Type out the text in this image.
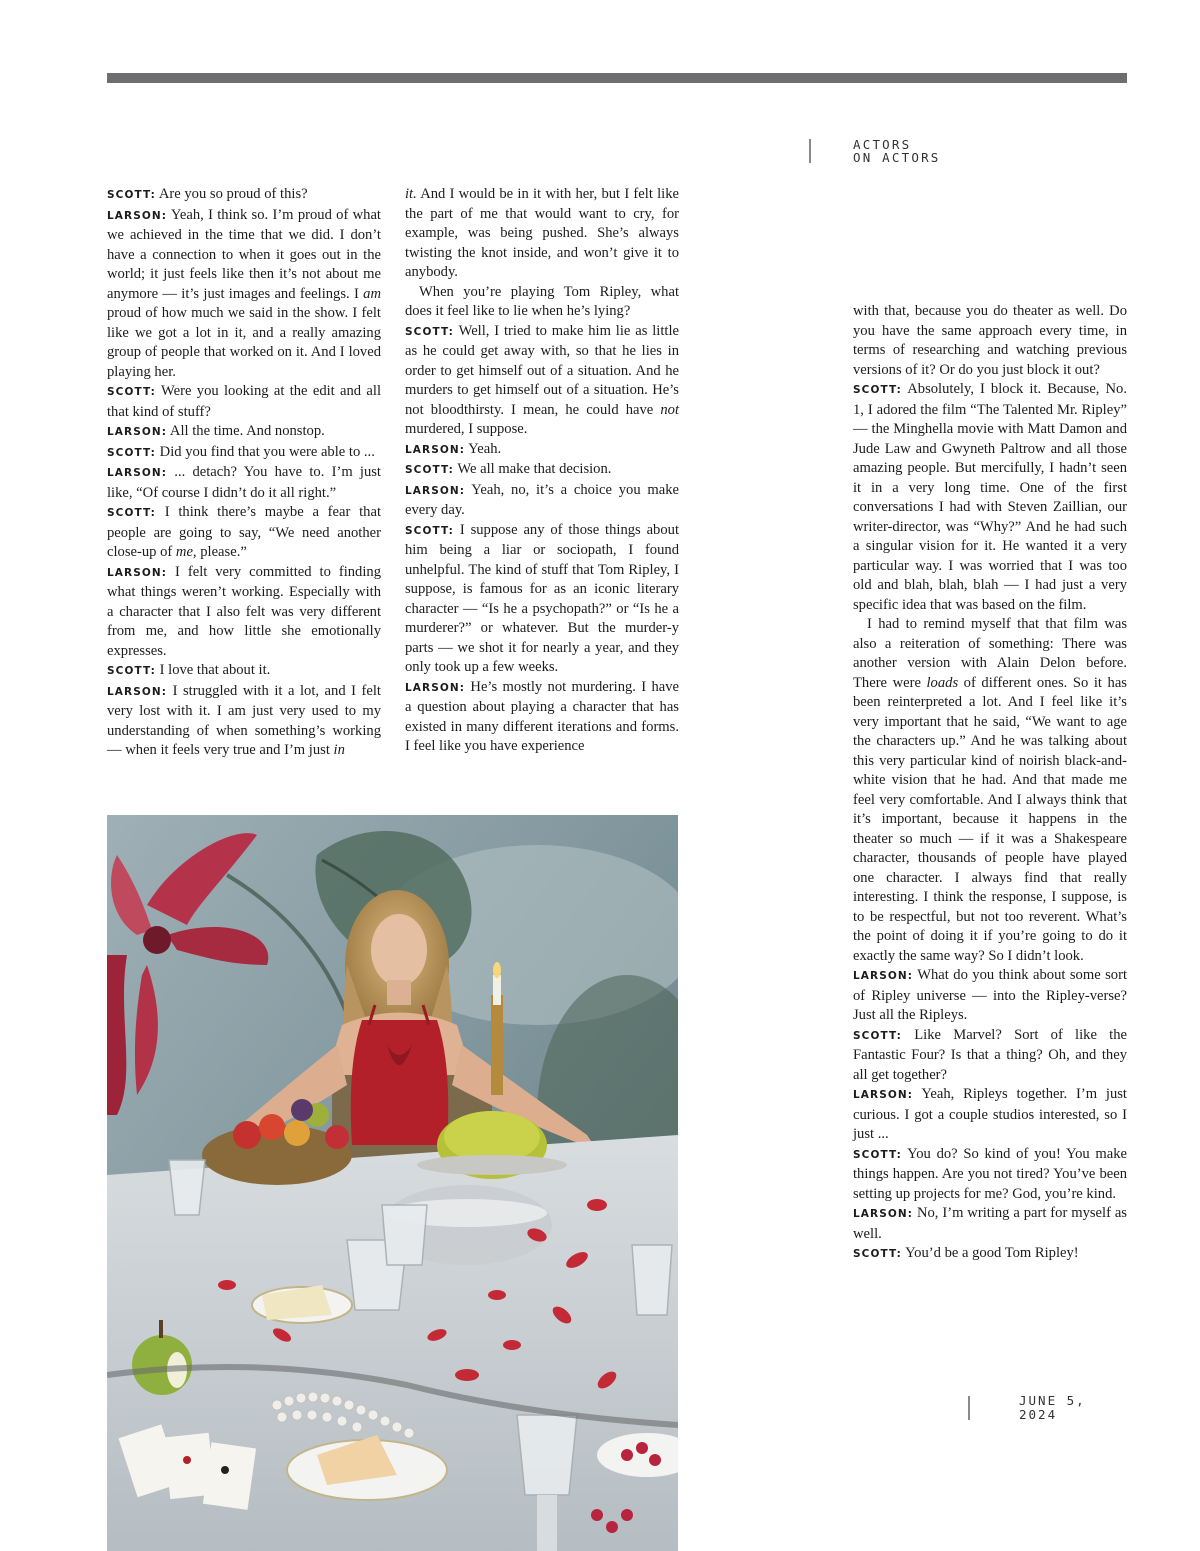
ACTORS
ON ACTORS

SCOTT: Are you so proud of this?

LARSON: Yeah, I think so. I’m proud of what we achieved in the time that we did. I don’t have a connection to when it goes out in the world; it just feels like then it’s not about me anymore — it’s just images and feelings. I am proud of how much we said in the show. I felt like we got a lot in it, and a really amazing group of people that worked on it. And I loved playing her.

SCOTT: Were you looking at the edit and all that kind of stuff?

LARSON: All the time. And nonstop.

SCOTT: Did you find that you were able to ...

LARSON: ... detach? You have to. I’m just like, “Of course I didn’t do it all right.”

SCOTT: I think there’s maybe a fear that people are going to say, “We need another close-up of me, please.”

LARSON: I felt very committed to finding what things weren’t working. Especially with a character that I also felt was very different from me, and how little she emotionally expresses.

SCOTT: I love that about it.

LARSON: I struggled with it a lot, and I felt very lost with it. I am just very used to my understanding of when something’s working — when it feels very true and I’m just in

it. And I would be in it with her, but I felt like the part of me that would want to cry, for example, was being pushed. She’s always twisting the knot inside, and won’t give it to anybody.

When you’re playing Tom Ripley, what does it feel like to lie when he’s lying?

SCOTT: Well, I tried to make him lie as little as he could get away with, so that he lies in order to get himself out of a situation. And he murders to get himself out of a situation. He’s not bloodthirsty. I mean, he could have not murdered, I suppose.

LARSON: Yeah.

SCOTT: We all make that decision.

LARSON: Yeah, no, it’s a choice you make every day.

SCOTT: I suppose any of those things about him being a liar or sociopath, I found unhelpful. The kind of stuff that Tom Ripley, I suppose, is famous for as an iconic literary character — “Is he a psychopath?” or “Is he a murderer?” or whatever. But the murder-y parts — we shot it for nearly a year, and they only took up a few weeks.

LARSON: He’s mostly not murdering. I have a question about playing a character that has existed in many different iterations and forms. I feel like you have experience

with that, because you do theater as well. Do you have the same approach every time, in terms of researching and watching previous versions of it? Or do you just block it out?

SCOTT: Absolutely, I block it. Because, No. 1, I adored the film “The Talented Mr. Ripley” — the Minghella movie with Matt Damon and Jude Law and Gwyneth Paltrow and all those amazing people. But mercifully, I hadn’t seen it in a very long time. One of the first conversations I had with Steven Zaillian, our writer-director, was “Why?” And he had such a singular vision for it. He wanted it a very particular way. I was worried that I was too old and blah, blah, blah — I had just a very specific idea that was based on the film.

I had to remind myself that that film was also a reiteration of something: There was another version with Alain Delon before. There were loads of different ones. So it has been reinterpreted a lot. And I feel like it’s very important that he said, “We want to age the characters up.” And he was talking about this very particular kind of noirish black-and-white vision that he had. And that made me feel very comfortable. And I always think that it’s important, because it happens in the theater so much — if it was a Shakespeare character, thousands of people have played one character. I always find that really interesting. I think the response, I suppose, is to be respectful, but not too reverent. What’s the point of doing it if you’re going to do it exactly the same way? So I didn’t look.

LARSON: What do you think about some sort of Ripley universe — into the Ripley-verse? Just all the Ripleys.

SCOTT: Like Marvel? Sort of like the Fantastic Four? Is that a thing? Oh, and they all get together?

LARSON: Yeah, Ripleys together. I’m just curious. I got a couple studios interested, so I just ...

SCOTT: You do? So kind of you! You make things happen. Are you not tired? You’ve been setting up projects for me? God, you’re kind.

LARSON: No, I’m writing a part for myself as well.

SCOTT: You’d be a good Tom Ripley!

JUNE 5,
2024
